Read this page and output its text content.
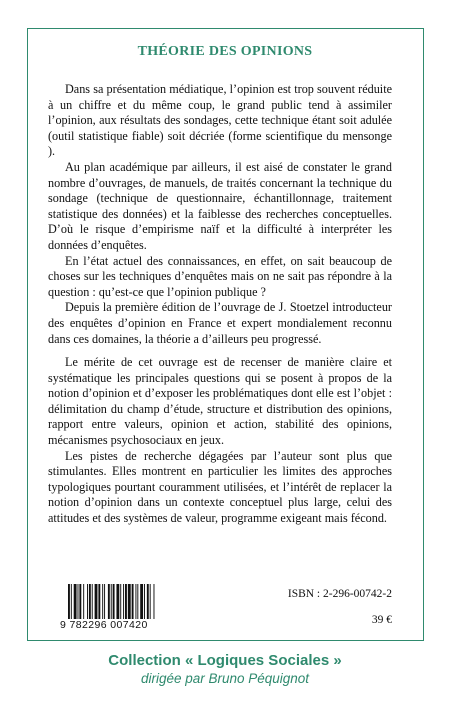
THÉORIE DES OPINIONS

Dans sa présentation médiatique, l’opinion est trop souvent réduite à un chiffre et du même coup, le grand public tend à assimiler l’opinion, aux résultats des sondages, cette technique étant soit adulée (outil statistique fiable) soit décriée (forme scientifique du mensonge ).

Au plan académique par ailleurs, il est aisé de constater le grand nombre d’ouvrages, de manuels, de traités concernant la technique du sondage (technique de questionnaire, échantillonnage, traitement statistique des données) et la faiblesse des recherches conceptuelles. D’où le risque d’empirisme naïf et la difficulté à interpréter les données d’enquêtes.

En l’état actuel des connaissances, en effet, on sait beaucoup de choses sur les techniques d’enquêtes mais on ne sait pas répondre à la question : qu’est-ce que l’opinion publique ?

Depuis la première édition de l’ouvrage de J. Stoetzel introducteur des enquêtes d’opinion en France et expert mondialement reconnu dans ces domaines, la théorie a d’ailleurs peu progressé.

Le mérite de cet ouvrage est de recenser de manière claire et systématique les principales questions qui se posent à propos de la notion d’opinion et d’exposer les problématiques dont elle est l’objet : délimitation du champ d’étude, structure et distribution des opinions, rapport entre valeurs, opinion et action, stabilité des opinions, mécanismes psychosociaux en jeux.

Les pistes de recherche dégagées par l’auteur sont plus que stimulantes. Elles montrent en particulier les limites des approches typologiques pourtant couramment utilisées, et l’intérêt de replacer la notion d’opinion dans un contexte conceptuel plus large, celui des attitudes et des systèmes de valeur, programme exigeant mais fécond.

9 782296 007420
ISBN : 2-296-00742-2
39 €
Collection « Logiques Sociales »
dirigée par Bruno Péquignot
